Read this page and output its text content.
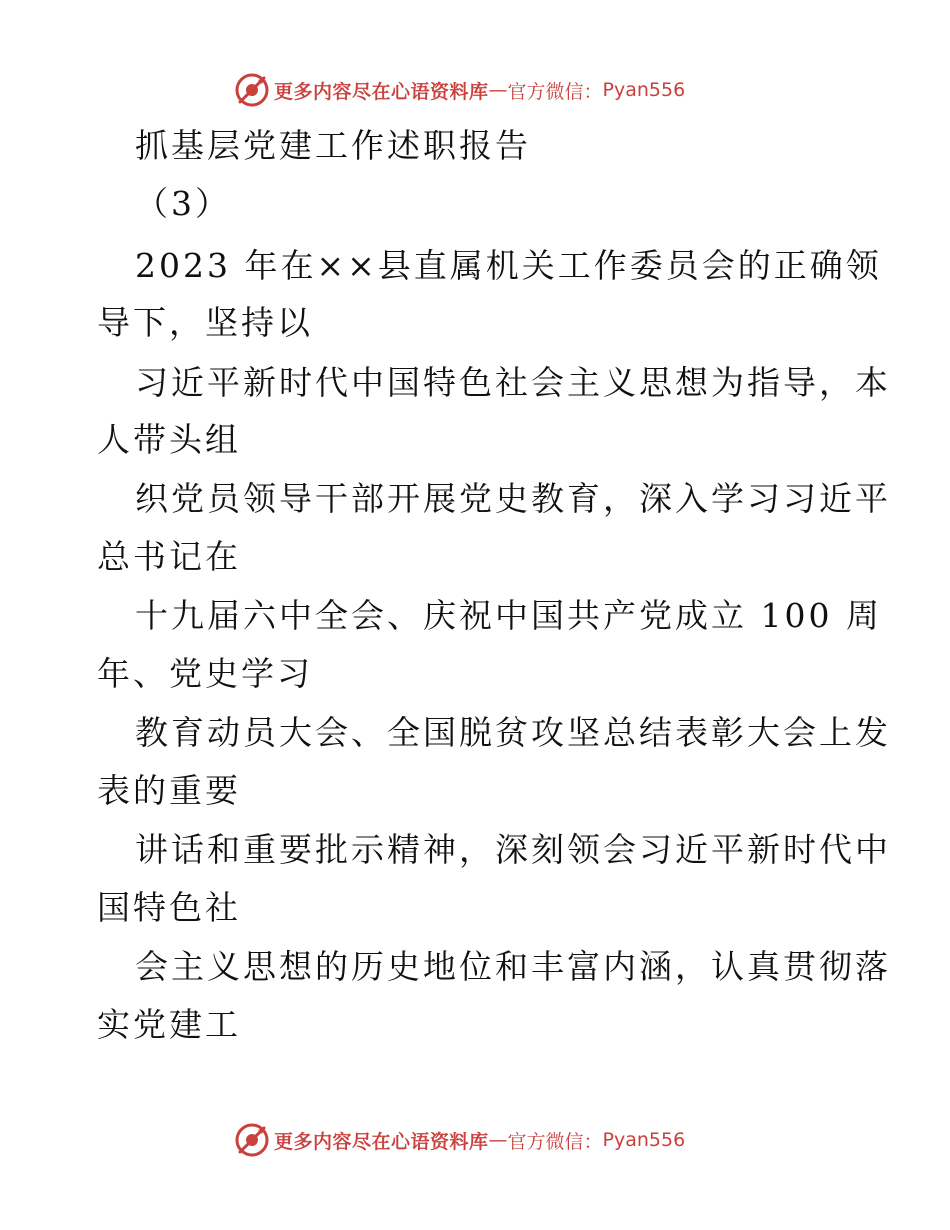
更多内容尽在心语资料库 — 官方微信： Pyan556
抓基层党建工作述职报告
（3）
2023 年在××县直属机关工作委员会的正确领
导下，坚持以
习近平新时代中国特色社会主义思想为指导，本
人带头组
织党员领导干部开展党史教育，深入学习习近平
总书记在
十九届六中全会、庆祝中国共产党成立 100 周
年、党史学习
教育动员大会、全国脱贫攻坚总结表彰大会上发
表的重要
讲话和重要批示精神，深刻领会习近平新时代中
国特色社
会主义思想的历史地位和丰富内涵，认真贯彻落
实党建工
更多内容尽在心语资料库 — 官方微信： Pyan556
